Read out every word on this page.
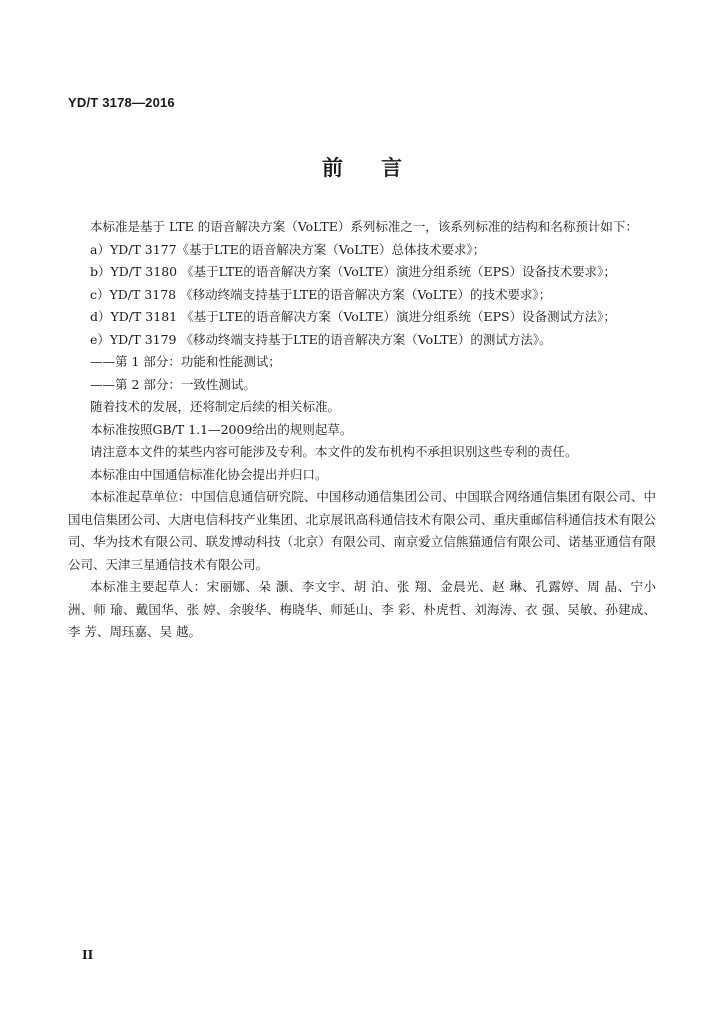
YD/T 3178—2016
前言
本标准是基于 LTE 的语音解决方案（VoLTE）系列标准之一，该系列标准的结构和名称预计如下：
a）YD/T 3177《基于LTE的语音解决方案（VoLTE）总体技术要求》；
b）YD/T 3180 《基于LTE的语音解决方案（VoLTE）演进分组系统（EPS）设备技术要求》；
c）YD/T 3178 《移动终端支持基于LTE的语音解决方案（VoLTE）的技术要求》；
d）YD/T 3181 《基于LTE的语音解决方案（VoLTE）演进分组系统（EPS）设备测试方法》；
e）YD/T 3179 《移动终端支持基于LTE的语音解决方案（VoLTE）的测试方法》。
——第 1 部分：功能和性能测试；
——第 2 部分：一致性测试。
随着技术的发展，还将制定后续的相关标准。
本标准按照GB/T 1.1—2009给出的规则起草。
请注意本文件的某些内容可能涉及专利。本文件的发布机构不承担识别这些专利的责任。
本标准由中国通信标准化协会提出并归口。
本标准起草单位：中国信息通信研究院、中国移动通信集团公司、中国联合网络通信集团有限公司、中国电信集团公司、大唐电信科技产业集团、北京展讯高科通信技术有限公司、重庆重邮信科通信技术有限公司、华为技术有限公司、联发博动科技（北京）有限公司、南京爱立信熊猫通信有限公司、诺基亚通信有限公司、天津三星通信技术有限公司。
本标准主要起草人：宋丽娜、朵 灏、李文宇、胡 泊、张 翔、金晨光、赵 琳、孔露婷、周 晶、宁小洲、师 瑜、戴国华、张 婷、余骏华、梅晓华、师延山、李 彩、朴虎哲、刘海涛、衣 强、吴敏、孙建成、李 芳、周珏嘉、吴 越。
II
